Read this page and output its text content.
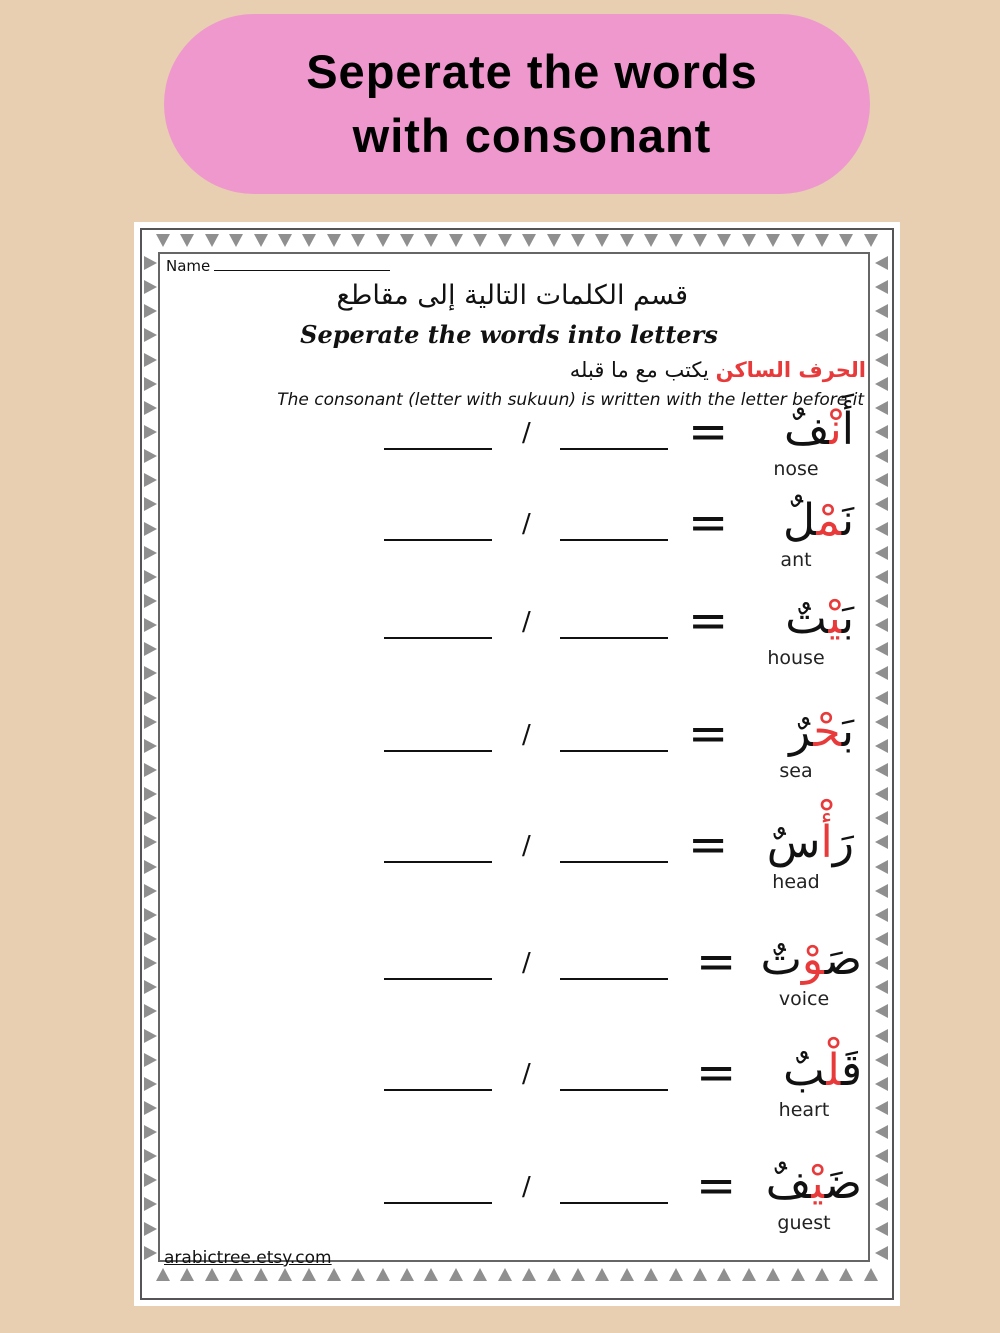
Seperate the words
with consonant
Name
قسم الكلمات التالية إلى مقاطع
Seperate the words into letters
الحرف الساكن يكتب مع ما قبله
The consonant (letter with sukuun) is written with the letter before it
/	=	أَنْفٌ
nose
/	=	نَمْلٌ
ant
/	=	بَيْتٌ
house
/	=	بَحْرٌ
sea
/	=	رَأْسٌ
head
/	=	صَوْتٌ
voice
/	=	قَلْبٌ
heart
/	=	ضَيْفٌ
guest
arabictree.etsy.com
